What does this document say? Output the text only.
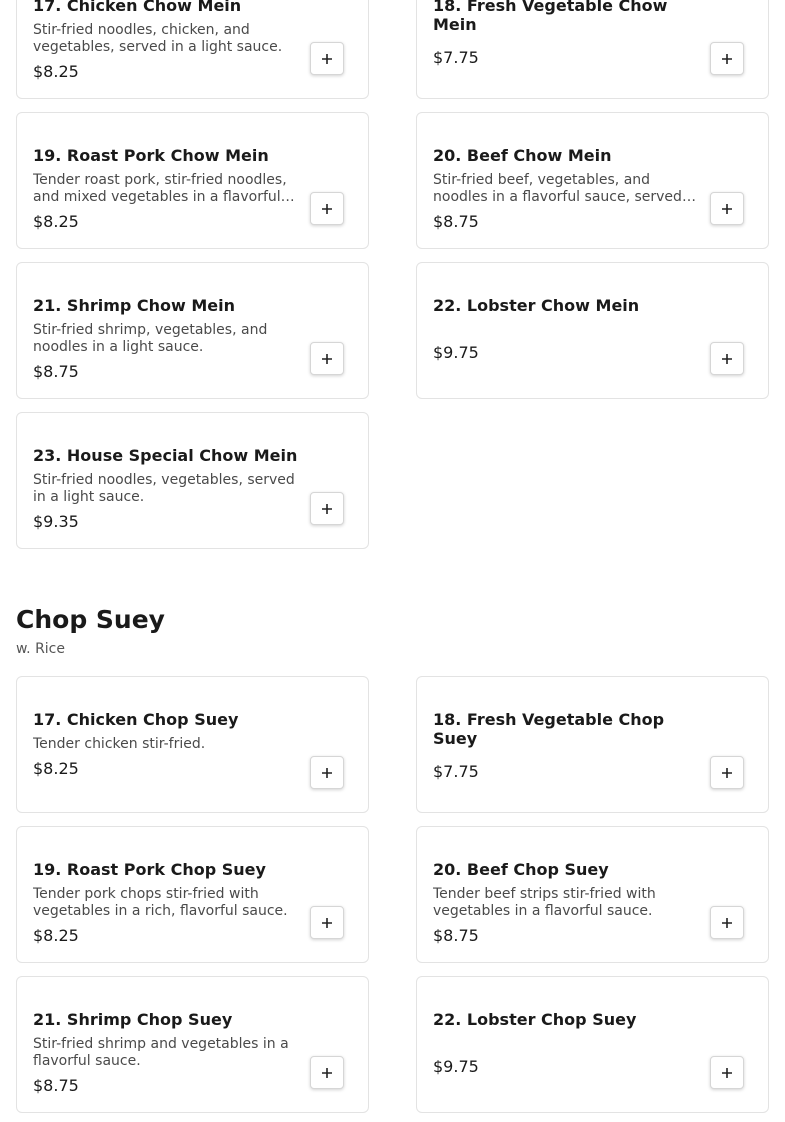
17. Chicken Chow Mein
Stir-fried noodles, chicken, and vegetables, served in a light sauce.
$8.25
18. Fresh Vegetable Chow Mein
$7.75
19. Roast Pork Chow Mein
Tender roast pork, stir-fried noodles, and mixed vegetables in a flavorful
$8.25
20. Beef Chow Mein
Stir-fried beef, vegetables, and noodles in a flavorful sauce, served
$8.75
21. Shrimp Chow Mein
Stir-fried shrimp, vegetables, and noodles in a light sauce.
$8.75
22. Lobster Chow Mein
$9.75
23. House Special Chow Mein
Stir-fried noodles, vegetables, served in a light sauce.
$9.35
Chop Suey
w. Rice
17. Chicken Chop Suey
Tender chicken stir-fried.
$8.25
18. Fresh Vegetable Chop Suey
$7.75
19. Roast Pork Chop Suey
Tender pork chops stir-fried with vegetables in a rich, flavorful sauce.
$8.25
20. Beef Chop Suey
Tender beef strips stir-fried with vegetables in a flavorful sauce.
$8.75
21. Shrimp Chop Suey
Stir-fried shrimp and vegetables in a flavorful sauce.
$8.75
22. Lobster Chop Suey
$9.75
